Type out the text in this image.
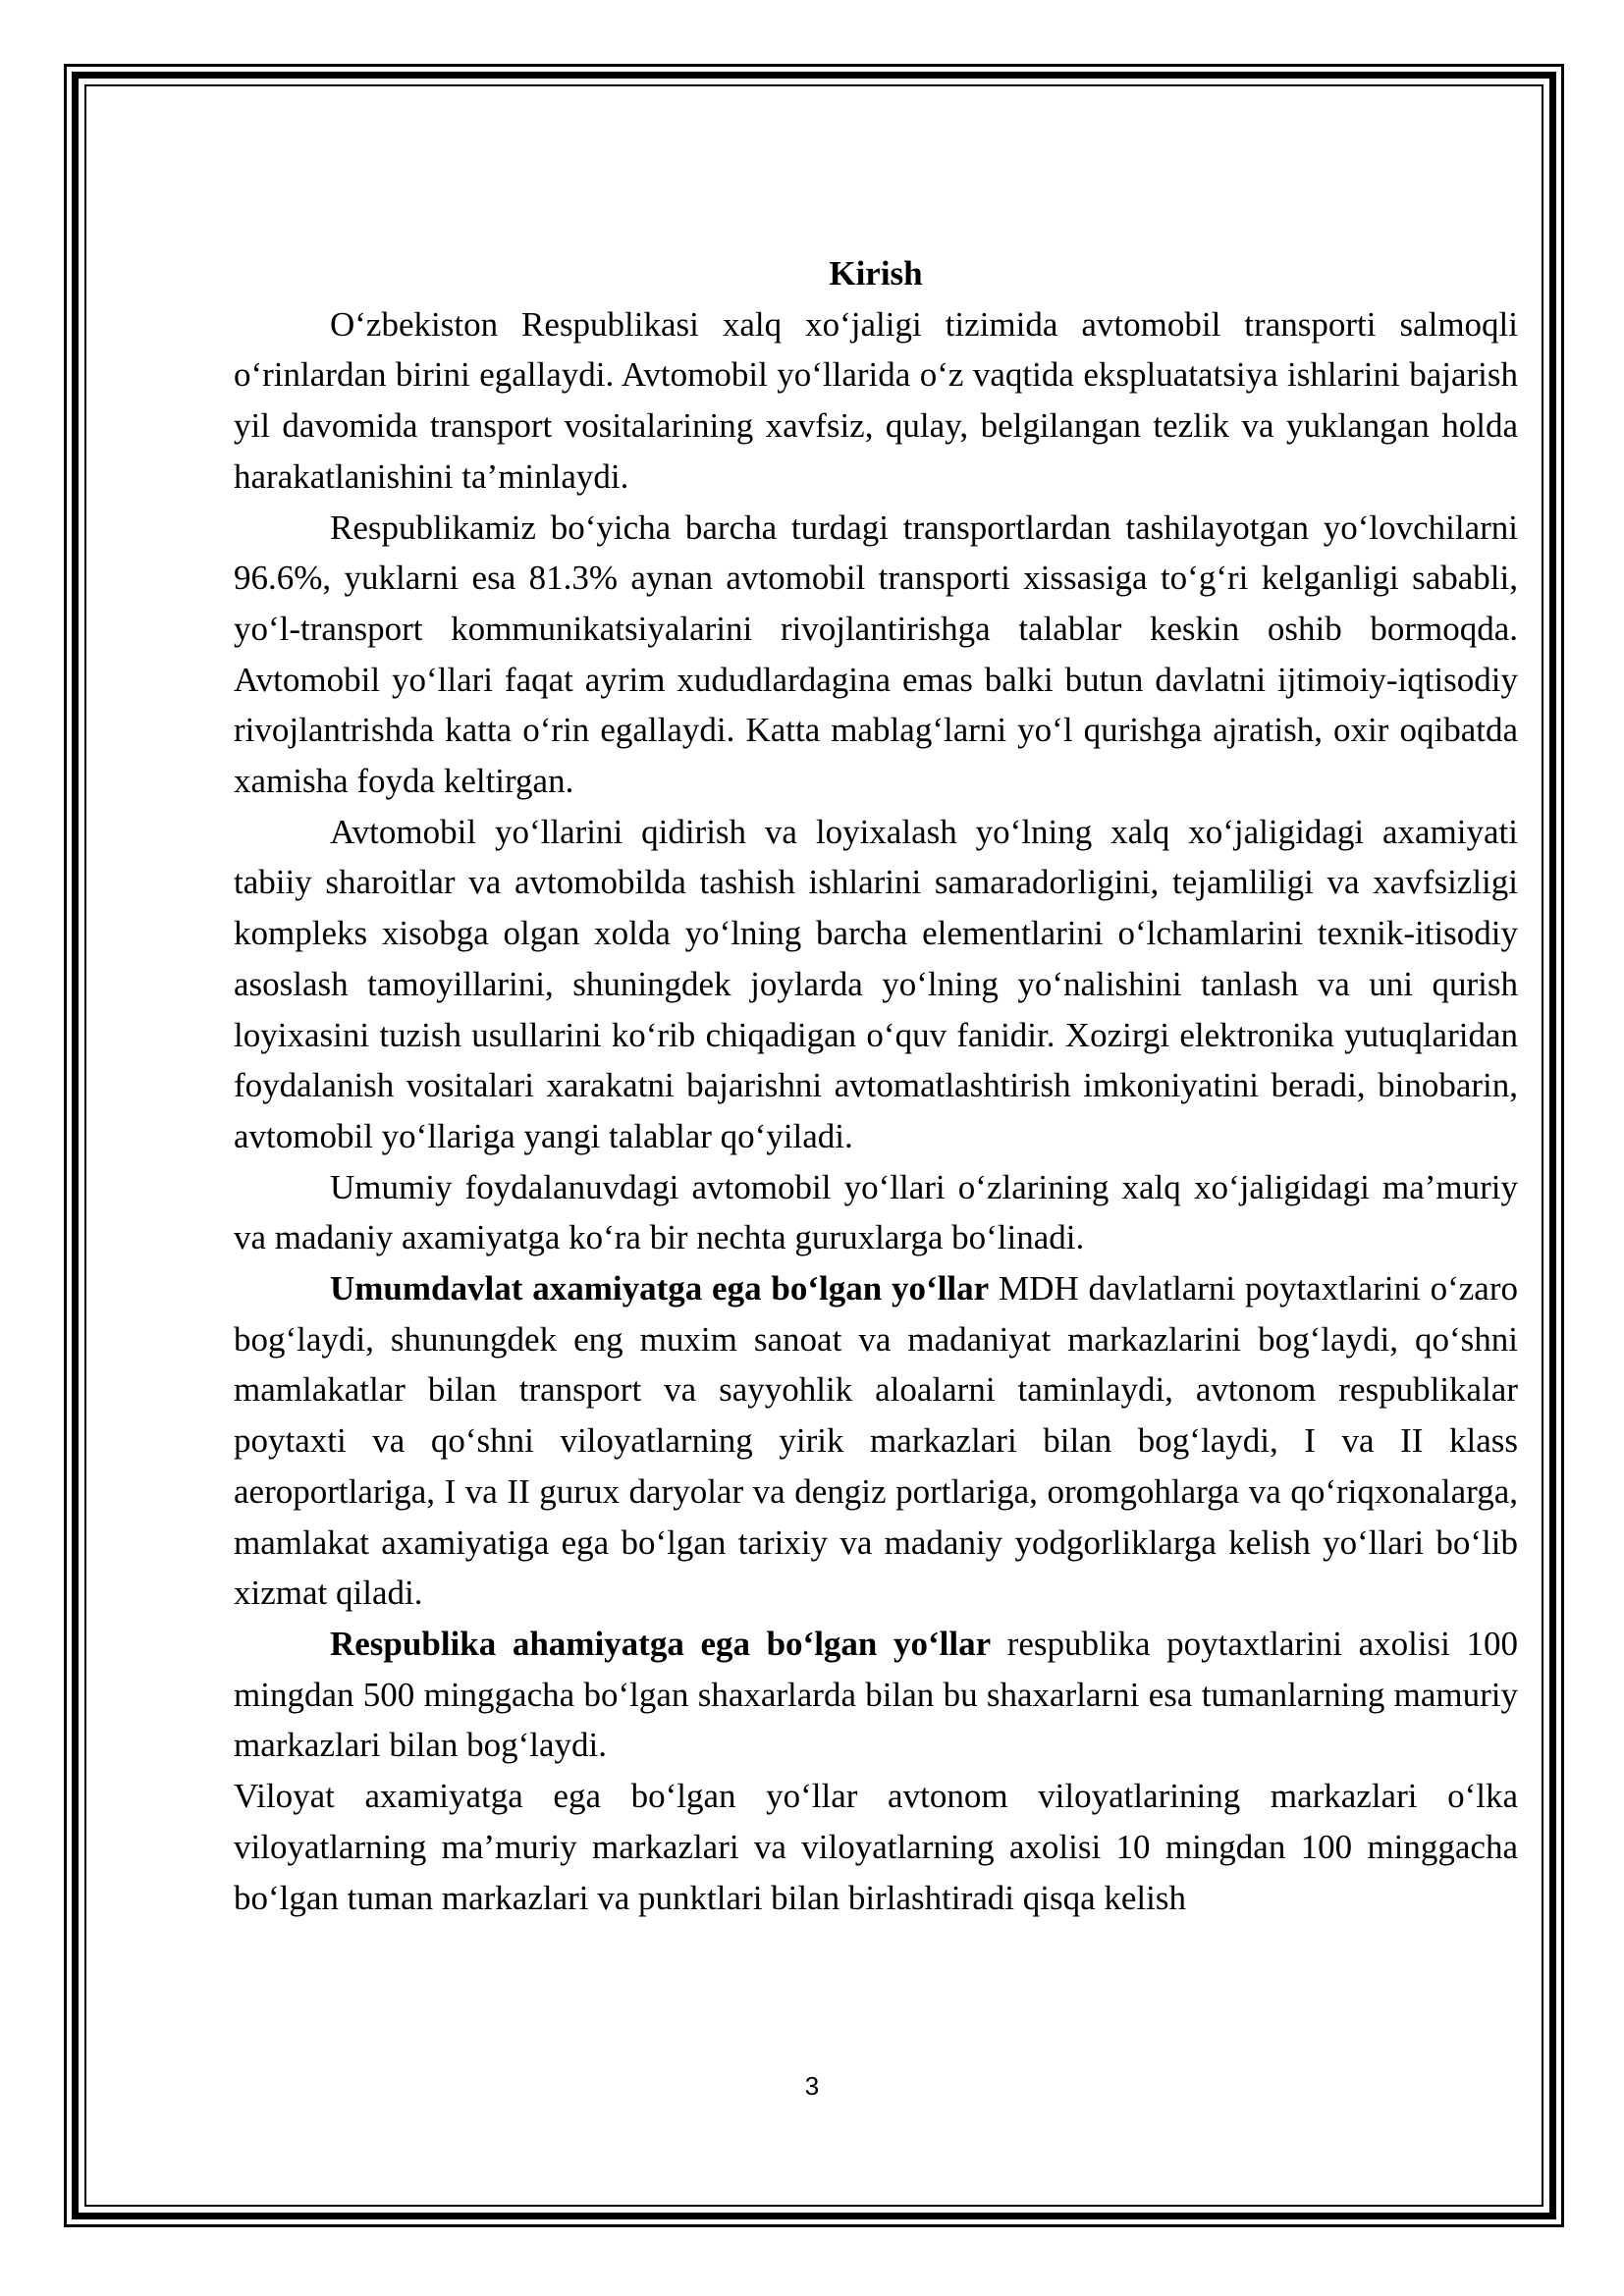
Kirish

O‘zbekiston Respublikasi xalq xo‘jaligi tizimida avtomobil transporti salmoqli o‘rinlardan birini egallaydi. Avtomobil yo‘llarida o‘z vaqtida ekspluatatsiya ishlarini bajarish yil davomida transport vositalarining xavfsiz, qulay, belgilangan tezlik va yuklangan holda harakatlanishini ta’minlaydi.

Respublikamiz bo‘yicha barcha turdagi transportlardan tashilayotgan yo‘lovchilarni 96.6%, yuklarni esa 81.3% aynan avtomobil transporti xissasiga to‘g‘ri kelganligi sababli, yo‘l-transport kommunikatsiyalarini rivojlantirishga talablar keskin oshib bormoqda. Avtomobil yo‘llari faqat ayrim xududlardagina emas balki butun davlatni ijtimoiy-iqtisodiy rivojlantrishda katta o‘rin egallaydi. Katta mablag‘larni yo‘l qurishga ajratish, oxir oqibatda xamisha foyda keltirgan.

Avtomobil yo‘llarini qidirish va loyixalash yo‘lning xalq xo‘jaligidagi axamiyati tabiiy sharoitlar va avtomobilda tashish ishlarini samaradorligini, tejamliligi va xavfsizligi kompleks xisobga olgan xolda yo‘lning barcha elementlarini o‘lchamlarini texnik-itisodiy asoslash tamoyillarini, shuningdek joylarda yo‘lning yo‘nalishini tanlash va uni qurish loyixasini tuzish usullarini ko‘rib chiqadigan o‘quv fanidir. Xozirgi elektronika yutuqlaridan foydalanish vositalari xarakatni bajarishni avtomatlashtirish imkoniyatini beradi, binobarin, avtomobil yo‘llariga yangi talablar qo‘yiladi.

Umumiy foydalanuvdagi avtomobil yo‘llari o‘zlarining xalq xo‘jaligidagi ma’muriy va madaniy axamiyatga ko‘ra bir nechta guruxlarga bo‘linadi.

Umumdavlat axamiyatga ega bo‘lgan yo‘llar MDH davlatlarni poytaxtlarini o‘zaro bog‘laydi, shunungdek eng muxim sanoat va madaniyat markazlarini bog‘laydi, qo‘shni mamlakatlar bilan transport va sayyohlik aloalarni taminlaydi, avtonom respublikalar poytaxti va qo‘shni viloyatlarning yirik markazlari bilan bog‘laydi, I va II klass aeroportlariga, I va II gurux daryolar va dengiz portlariga, oromgohlarga va qo‘riqxonalarga, mamlakat axamiyatiga ega bo‘lgan tarixiy va madaniy yodgorliklarga kelish yo‘llari bo‘lib xizmat qiladi.

Respublika ahamiyatga ega bo‘lgan yo‘llar respublika poytaxtlarini axolisi 100 mingdan 500 minggacha bo‘lgan shaxarlarda bilan bu shaxarlarni esa tumanlarning mamuriy markazlari bilan bog‘laydi.

Viloyat axamiyatga ega bo‘lgan yo‘llar avtonom viloyatlarining markazlari o‘lka viloyatlarning ma’muriy markazlari va viloyatlarning axolisi 10 mingdan 100 minggacha bo‘lgan tuman markazlari va punktlari bilan birlashtiradi qisqa kelish

3
